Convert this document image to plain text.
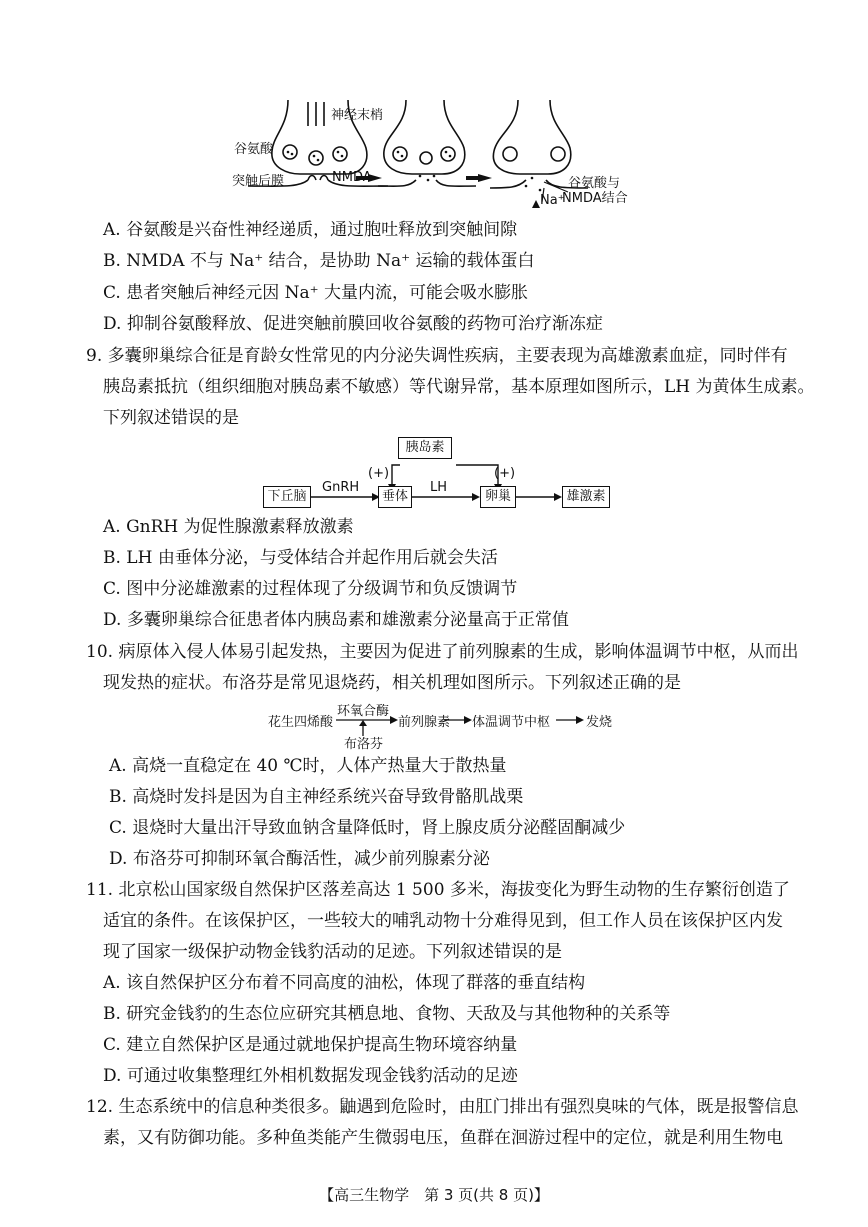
神经末梢
谷氨酸
突触后膜	NMDA	谷氨酸与
NMDA结合
Na⁺
A. 谷氨酸是兴奋性神经递质，通过胞吐释放到突触间隙
B. NMDA 不与 Na⁺ 结合，是协助 Na⁺ 运输的载体蛋白
C. 患者突触后神经元因 Na⁺ 大量内流，可能会吸水膨胀
D. 抑制谷氨酸释放、促进突触前膜回收谷氨酸的药物可治疗渐冻症
9. 多囊卵巢综合征是育龄女性常见的内分泌失调性疾病，主要表现为高雄激素血症，同时伴有
胰岛素抵抗（组织细胞对胰岛素不敏感）等代谢异常，基本原理如图所示，LH 为黄体生成素。
下列叙述错误的是
胰岛素
(+)	(+)
下丘脑
GnRH
垂体
LH
卵巢	雄激素
A. GnRH 为促性腺激素释放激素
B. LH 由垂体分泌，与受体结合并起作用后就会失活
C. 图中分泌雄激素的过程体现了分级调节和负反馈调节
D. 多囊卵巢综合征患者体内胰岛素和雄激素分泌量高于正常值
10. 病原体入侵人体易引起发热，主要因为促进了前列腺素的生成，影响体温调节中枢，从而出
现发热的症状。布洛芬是常见退烧药，相关机理如图所示。下列叙述正确的是
花生四烯酸
环氧合酶
前列腺素 体温调节中枢	发烧
布洛芬
A. 高烧一直稳定在 40 ℃时，人体产热量大于散热量
B. 高烧时发抖是因为自主神经系统兴奋导致骨骼肌战栗
C. 退烧时大量出汗导致血钠含量降低时，肾上腺皮质分泌醛固酮减少
D. 布洛芬可抑制环氧合酶活性，减少前列腺素分泌
11. 北京松山国家级自然保护区落差高达 1 500 多米，海拔变化为野生动物的生存繁衍创造了
适宜的条件。在该保护区，一些较大的哺乳动物十分难得见到，但工作人员在该保护区内发
现了国家一级保护动物金钱豹活动的足迹。下列叙述错误的是
A. 该自然保护区分布着不同高度的油松，体现了群落的垂直结构
B. 研究金钱豹的生态位应研究其栖息地、食物、天敌及与其他物种的关系等
C. 建立自然保护区是通过就地保护提高生物环境容纳量
D. 可通过收集整理红外相机数据发现金钱豹活动的足迹
12. 生态系统中的信息种类很多。鼬遇到危险时，由肛门排出有强烈臭味的气体，既是报警信息
素，又有防御功能。多种鱼类能产生微弱电压，鱼群在洄游过程中的定位，就是利用生物电
【高三生物学　第 3 页(共 8 页)】
